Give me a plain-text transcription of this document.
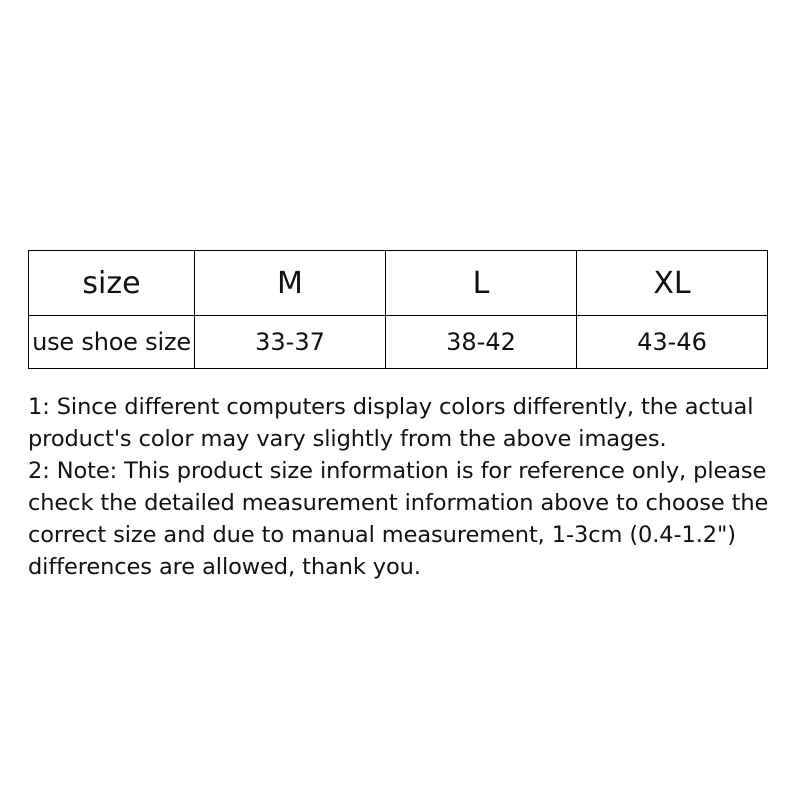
size	M	L	XL
use shoe size	33-37	38-42	43-46

1: Since different computers display colors differently, the actual product's color may vary slightly from the above images.

2: Note: This product size information is for reference only, please check the detailed measurement information above to choose the correct size and due to manual measurement, 1-3cm (0.4-1.2") differences are allowed, thank you.
